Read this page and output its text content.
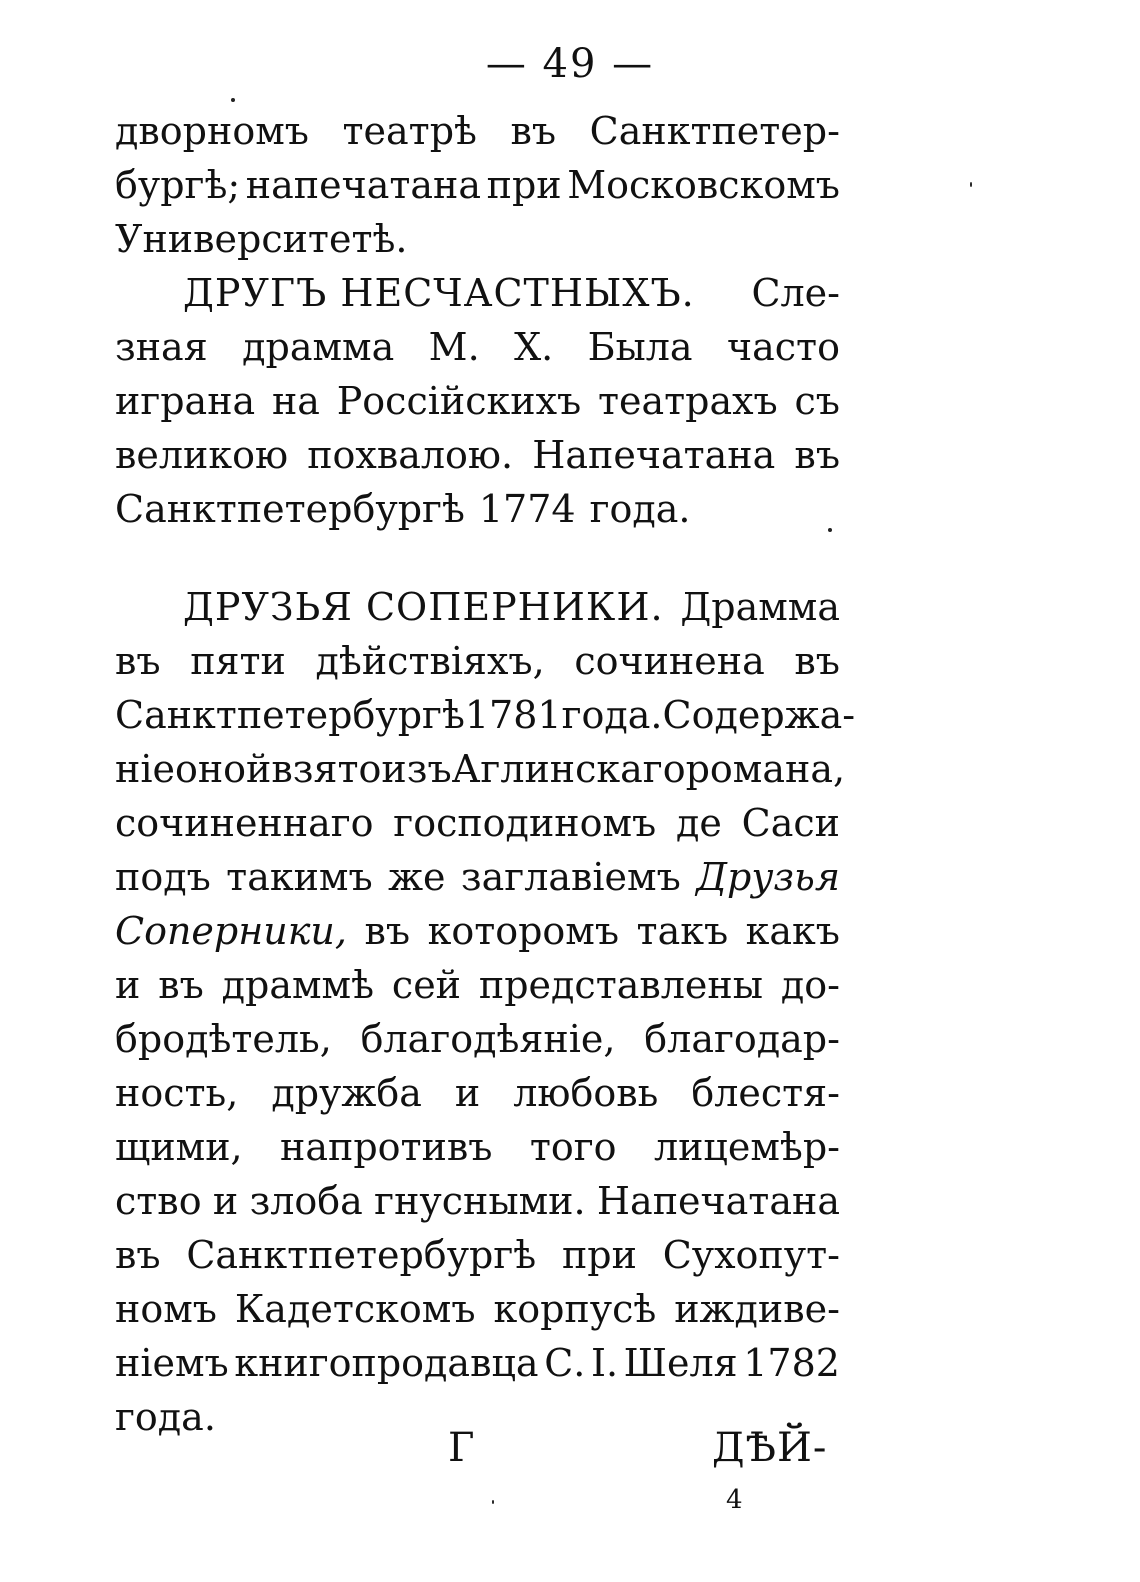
— 49 —
дворномъ театрѣ въ Санктпетер-
бургѣ; напечатана при Московскомъ
Университетѣ.
ДРУГЪ НЕСЧАСТНЫХЪ. Сле-
зная драмма М. Х. Была часто
играна на Россійскихъ театрахъ съ
великою похвалою. Напечатана въ
Санктпетербургѣ 1774 года.
ДРУЗЬЯ СОПЕРНИКИ. Драмма
въ пяти дѣйствіяхъ, сочинена въ
Санктпетербургѣ 1781 года. Содержа-
ніе оной взято изъ Аглинскаго романа,
сочиненнаго господиномъ де Саси
подъ такимъ же заглавіемъ Друзья
Соперники, въ которомъ такъ какъ
и въ драммѣ сей представлены до-
бродѣтель, благодѣяніе, благодар-
ность, дружба и любовь блестя-
щими, напротивъ того лицемѣр-
ство и злоба гнусными. Напечатана
въ Санктпетербургѣ при Сухопут-
номъ Кадетскомъ корпусѣ иждиве-
ніемъ книгопродавца С. І. Шеля 1782
года.
Г	ДѢЙ-
4
